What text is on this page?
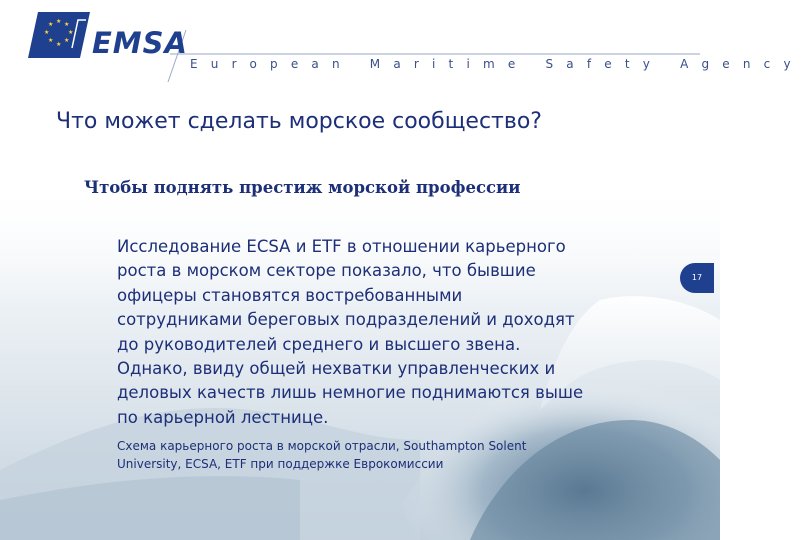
★ ★
★
★
★
★
★
★
EMSA
European Maritime Safety Agency
Что может сделать морское сообщество?
Чтобы поднять престиж морской профессии
Исследование ECSA и ETF в отношении карьерного
роста в морском секторе показало, что бывшие
офицеры становятся востребованными
сотрудниками береговых подразделений и доходят
до руководителей среднего и высшего звена.
Однако, ввиду общей нехватки управленческих и
деловых качеств лишь немногие поднимаются выше
по карьерной лестнице.
Схема карьерного роста в морской отрасли, Southampton Solent
University, ECSA, ETF при поддержке Еврокомиссии
17
